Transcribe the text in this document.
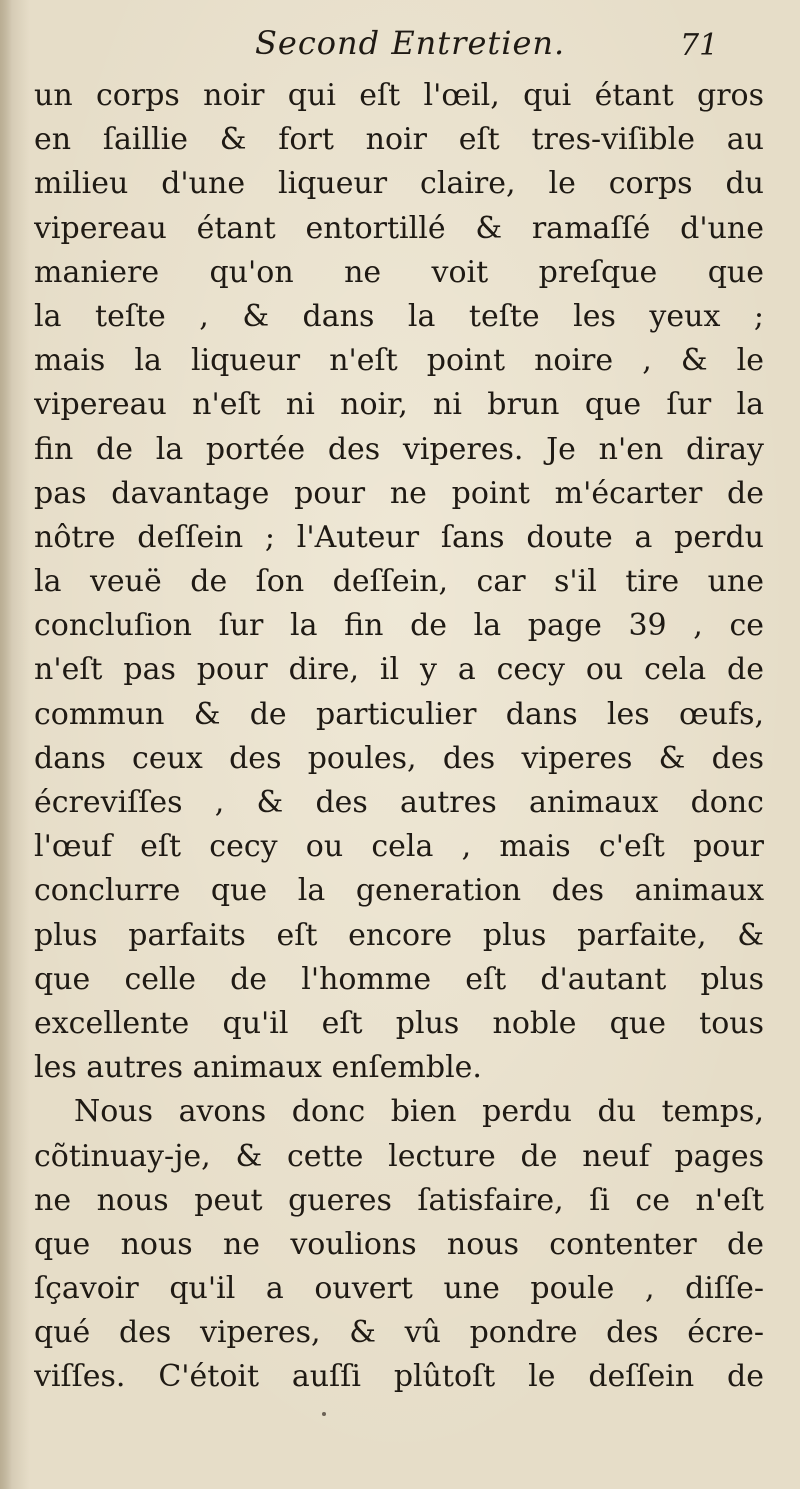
Second Entretien.	71
un corps noir qui eſt l'œil, qui étant gros
en ſaillie & fort noir eſt tres-viſible au
milieu d'une liqueur claire, le corps du
vipereau étant entortillé & ramaſſé d'une
maniere qu'on ne voit preſque que
la teſte , & dans la teſte les yeux ;
mais la liqueur n'eſt point noire , & le
vipereau n'eſt ni noir, ni brun que ſur la
fin de la portée des viperes. Je n'en diray
pas davantage pour ne point m'écarter de
nôtre deſſein ; l'Auteur ſans doute a perdu
la veuë de ſon deſſein, car s'il tire une
concluſion ſur la fin de la page 39 , ce
n'eſt pas pour dire, il y a cecy ou cela de
commun & de particulier dans les œufs,
dans ceux des poules, des viperes & des
écreviſſes , & des autres animaux donc
l'œuf eſt cecy ou cela , mais c'eſt pour
conclurre que la generation des animaux
plus parfaits eſt encore plus parfaite, &
que celle de l'homme eſt d'autant plus
excellente qu'il eſt plus noble que tous
les autres animaux enſemble.
Nous avons donc bien perdu du temps,
cõtinuay-je, & cette lecture de neuf pages
ne nous peut gueres ſatisfaire, ſi ce n'eſt
que nous ne voulions nous contenter de
ſçavoir qu'il a ouvert une poule , diſſe-
qué des viperes, & vû pondre des écre-
viſſes. C'étoit auſſi plûtoſt le deſſein de
